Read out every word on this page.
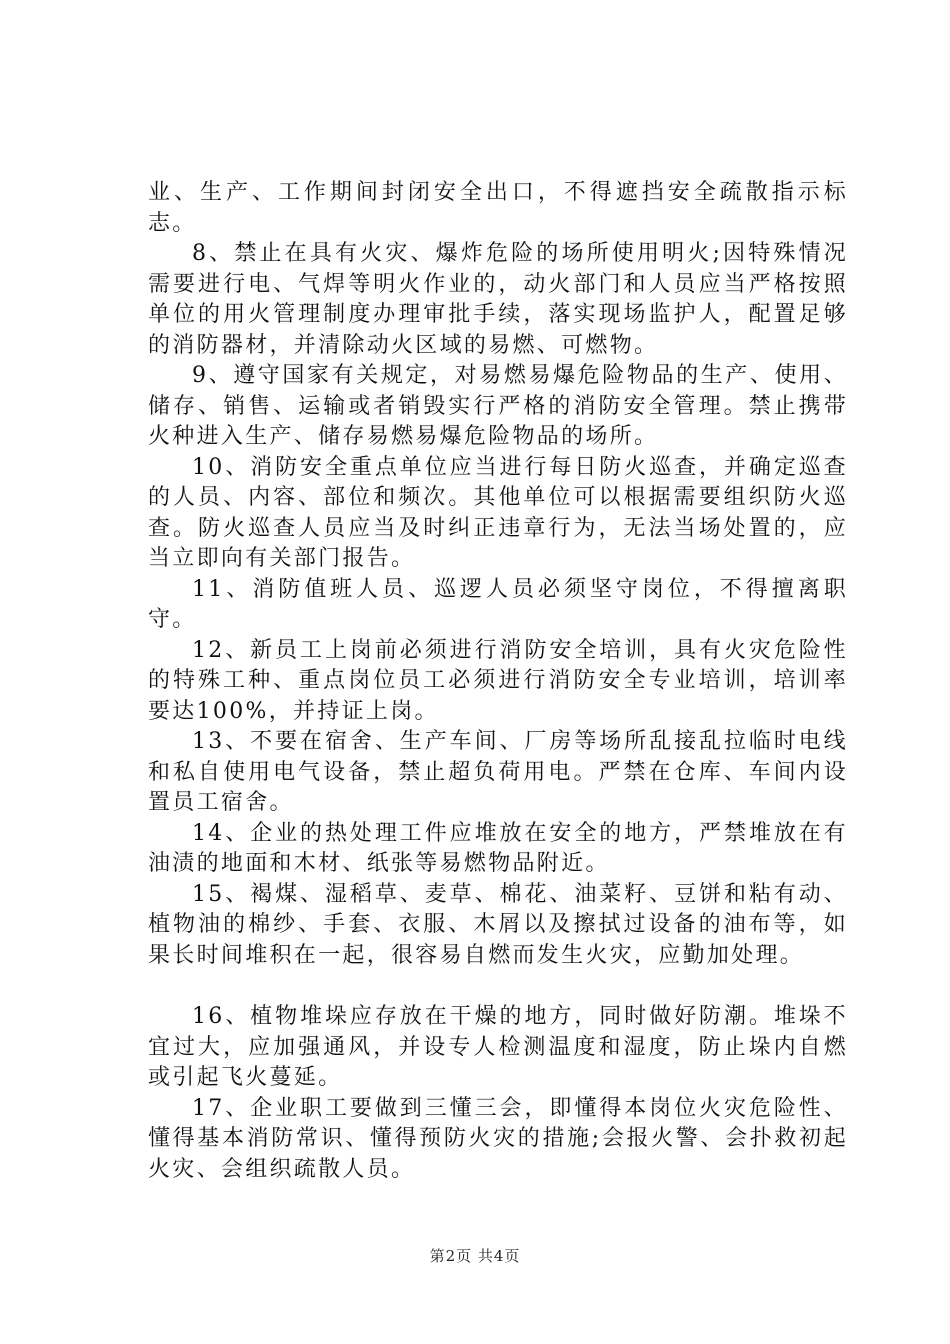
业、生产、工作期间封闭安全出口，不得遮挡安全疏散指示标志。

8、禁止在具有火灾、爆炸危险的场所使用明火;因特殊情况需要进行电、气焊等明火作业的，动火部门和人员应当严格按照单位的用火管理制度办理审批手续，落实现场监护人，配置足够的消防器材，并清除动火区域的易燃、可燃物。

9、遵守国家有关规定，对易燃易爆危险物品的生产、使用、储存、销售、运输或者销毁实行严格的消防安全管理。禁止携带火种进入生产、储存易燃易爆危险物品的场所。

10、消防安全重点单位应当进行每日防火巡查，并确定巡查的人员、内容、部位和频次。其他单位可以根据需要组织防火巡查。防火巡查人员应当及时纠正违章行为，无法当场处置的，应当立即向有关部门报告。

11、消防值班人员、巡逻人员必须坚守岗位，不得擅离职守。

12、新员工上岗前必须进行消防安全培训，具有火灾危险性的特殊工种、重点岗位员工必须进行消防安全专业培训，培训率要达100%，并持证上岗。

13、不要在宿舍、生产车间、厂房等场所乱接乱拉临时电线和私自使用电气设备，禁止超负荷用电。严禁在仓库、车间内设置员工宿舍。

14、企业的热处理工件应堆放在安全的地方，严禁堆放在有油渍的地面和木材、纸张等易燃物品附近。

15、褐煤、湿稻草、麦草、棉花、油菜籽、豆饼和粘有动、植物油的棉纱、手套、衣服、木屑以及擦拭过设备的油布等，如果长时间堆积在一起，很容易自燃而发生火灾，应勤加处理。

16、植物堆垛应存放在干燥的地方，同时做好防潮。堆垛不宜过大，应加强通风，并设专人检测温度和湿度，防止垛内自燃或引起飞火蔓延。

17、企业职工要做到三懂三会，即懂得本岗位火灾危险性、懂得基本消防常识、懂得预防火灾的措施;会报火警、会扑救初起火灾、会组织疏散人员。

第2页 共4页
